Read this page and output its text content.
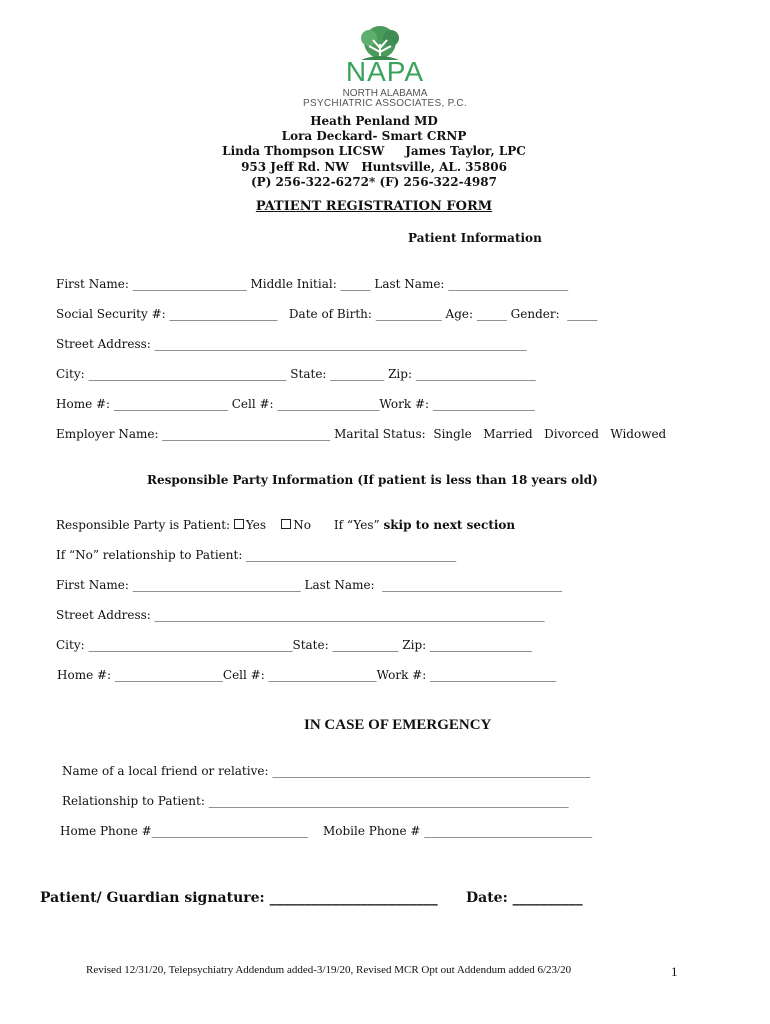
NAPA
NORTH ALABAMA
PSYCHIATRIC ASSOCIATES, P.C.
Heath Penland MD
Lora Deckard- Smart CRNP
Linda Thompson LICSW     James Taylor, LPC
953 Jeff Rd. NW   Huntsville, AL. 35806
(P) 256-322-6272* (F) 256-322-4987
PATIENT REGISTRATION FORM
Patient Information
First Name: ___________________ Middle Initial: _____ Last Name: ____________________
Social Security #: __________________   Date of Birth: ___________ Age: _____ Gender:  _____
Street Address: ______________________________________________________________
City: _________________________________ State: _________ Zip: ____________________
Home #: ___________________ Cell #: _________________Work #: _________________
Employer Name: ____________________________ Marital Status:  Single   Married   Divorced   Widowed
Responsible Party Information (If patient is less than 18 years old)
Responsible Party is Patient: Yes No If “Yes” skip to next section
If “No” relationship to Patient: ___________________________________
First Name: ____________________________ Last Name:  ______________________________
Street Address: _________________________________________________________________
City: __________________________________State: ___________ Zip: _________________
Home #: __________________Cell #: __________________Work #: _____________________
IN CASE OF EMERGENCY
Name of a local friend or relative: _____________________________________________________
Relationship to Patient: ____________________________________________________________
Home Phone #__________________________    Mobile Phone # ____________________________
Patient/ Guardian signature: ________________________ Date: __________
Revised 12/31/20, Telepsychiatry Addendum added-3/19/20, Revised MCR Opt out Addendum added 6/23/20	1
